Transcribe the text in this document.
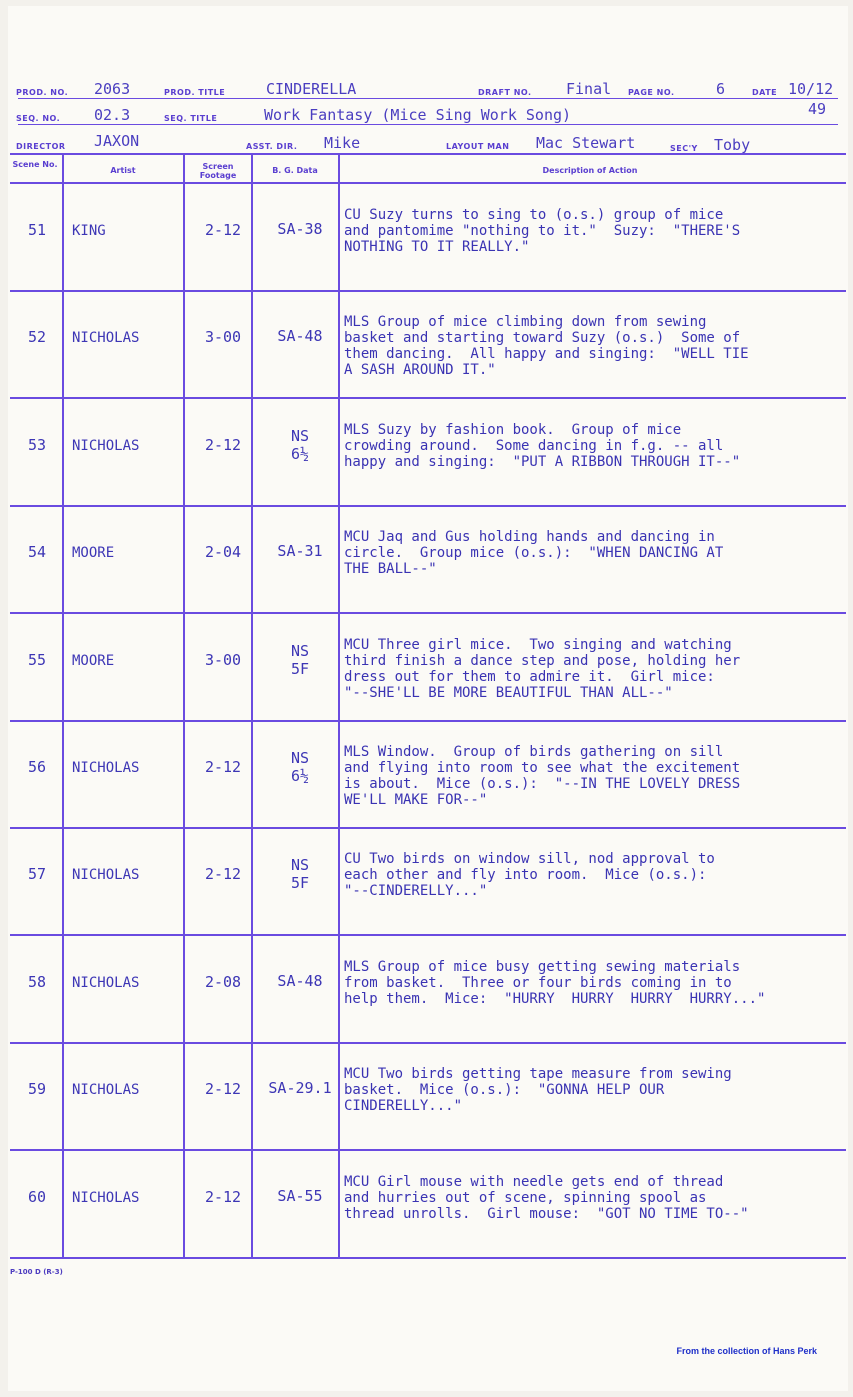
PROD. NO. 2063	PROD. TITLE	CINDERELLA	DRAFT NO. Final PAGE NO.	6	DATE 10/12
49
SEQ. NO. 02.3	SEQ. TITLE	Work Fantasy (Mice Sing Work Song)
DIRECTOR JAXON	ASST. DIR. Mike	LAYOUT MAN Mac Stewart	SEC'Y Toby
Scene No.
Artist	Screen Footage
B. G. Data	Description of Action
51	KING	2-12	SA-38
CU Suzy turns to sing to (o.s.) group of mice
and pantomime "nothing to it."  Suzy:  "THERE'S
NOTHING TO IT REALLY."
52	NICHOLAS	3-00	SA-48
MLS Group of mice climbing down from sewing
basket and starting toward Suzy (o.s.)  Some of
them dancing.  All happy and singing:  "WELL TIE
A SASH AROUND IT."
53	NICHOLAS	2-12	NS
6½
MLS Suzy by fashion book.  Group of mice
crowding around.  Some dancing in f.g. -- all
happy and singing:  "PUT A RIBBON THROUGH IT--"
54	MOORE	2-04	SA-31
MCU Jaq and Gus holding hands and dancing in
circle.  Group mice (o.s.):  "WHEN DANCING AT
THE BALL--"
55	MOORE	3-00	NS
5F
MCU Three girl mice.  Two singing and watching
third finish a dance step and pose, holding her
dress out for them to admire it.  Girl mice:
"--SHE'LL BE MORE BEAUTIFUL THAN ALL--"
56	NICHOLAS	2-12	NS
6½
MLS Window.  Group of birds gathering on sill
and flying into room to see what the excitement
is about.  Mice (o.s.):  "--IN THE LOVELY DRESS
WE'LL MAKE FOR--"
57	NICHOLAS	2-12	NS
5F
CU Two birds on window sill, nod approval to
each other and fly into room.  Mice (o.s.):
"--CINDERELLY..."
58	NICHOLAS	2-08	SA-48
MLS Group of mice busy getting sewing materials
from basket.  Three or four birds coming in to
help them.  Mice:  "HURRY  HURRY  HURRY  HURRY..."
59	NICHOLAS	2-12	SA-29.1
MCU Two birds getting tape measure from sewing
basket.  Mice (o.s.):  "GONNA HELP OUR
CINDERELLY..."
60	NICHOLAS	2-12	SA-55
MCU Girl mouse with needle gets end of thread
and hurries out of scene, spinning spool as
thread unrolls.  Girl mouse:  "GOT NO TIME TO--"
P-100 D (R-3)
From the collection of Hans Perk
